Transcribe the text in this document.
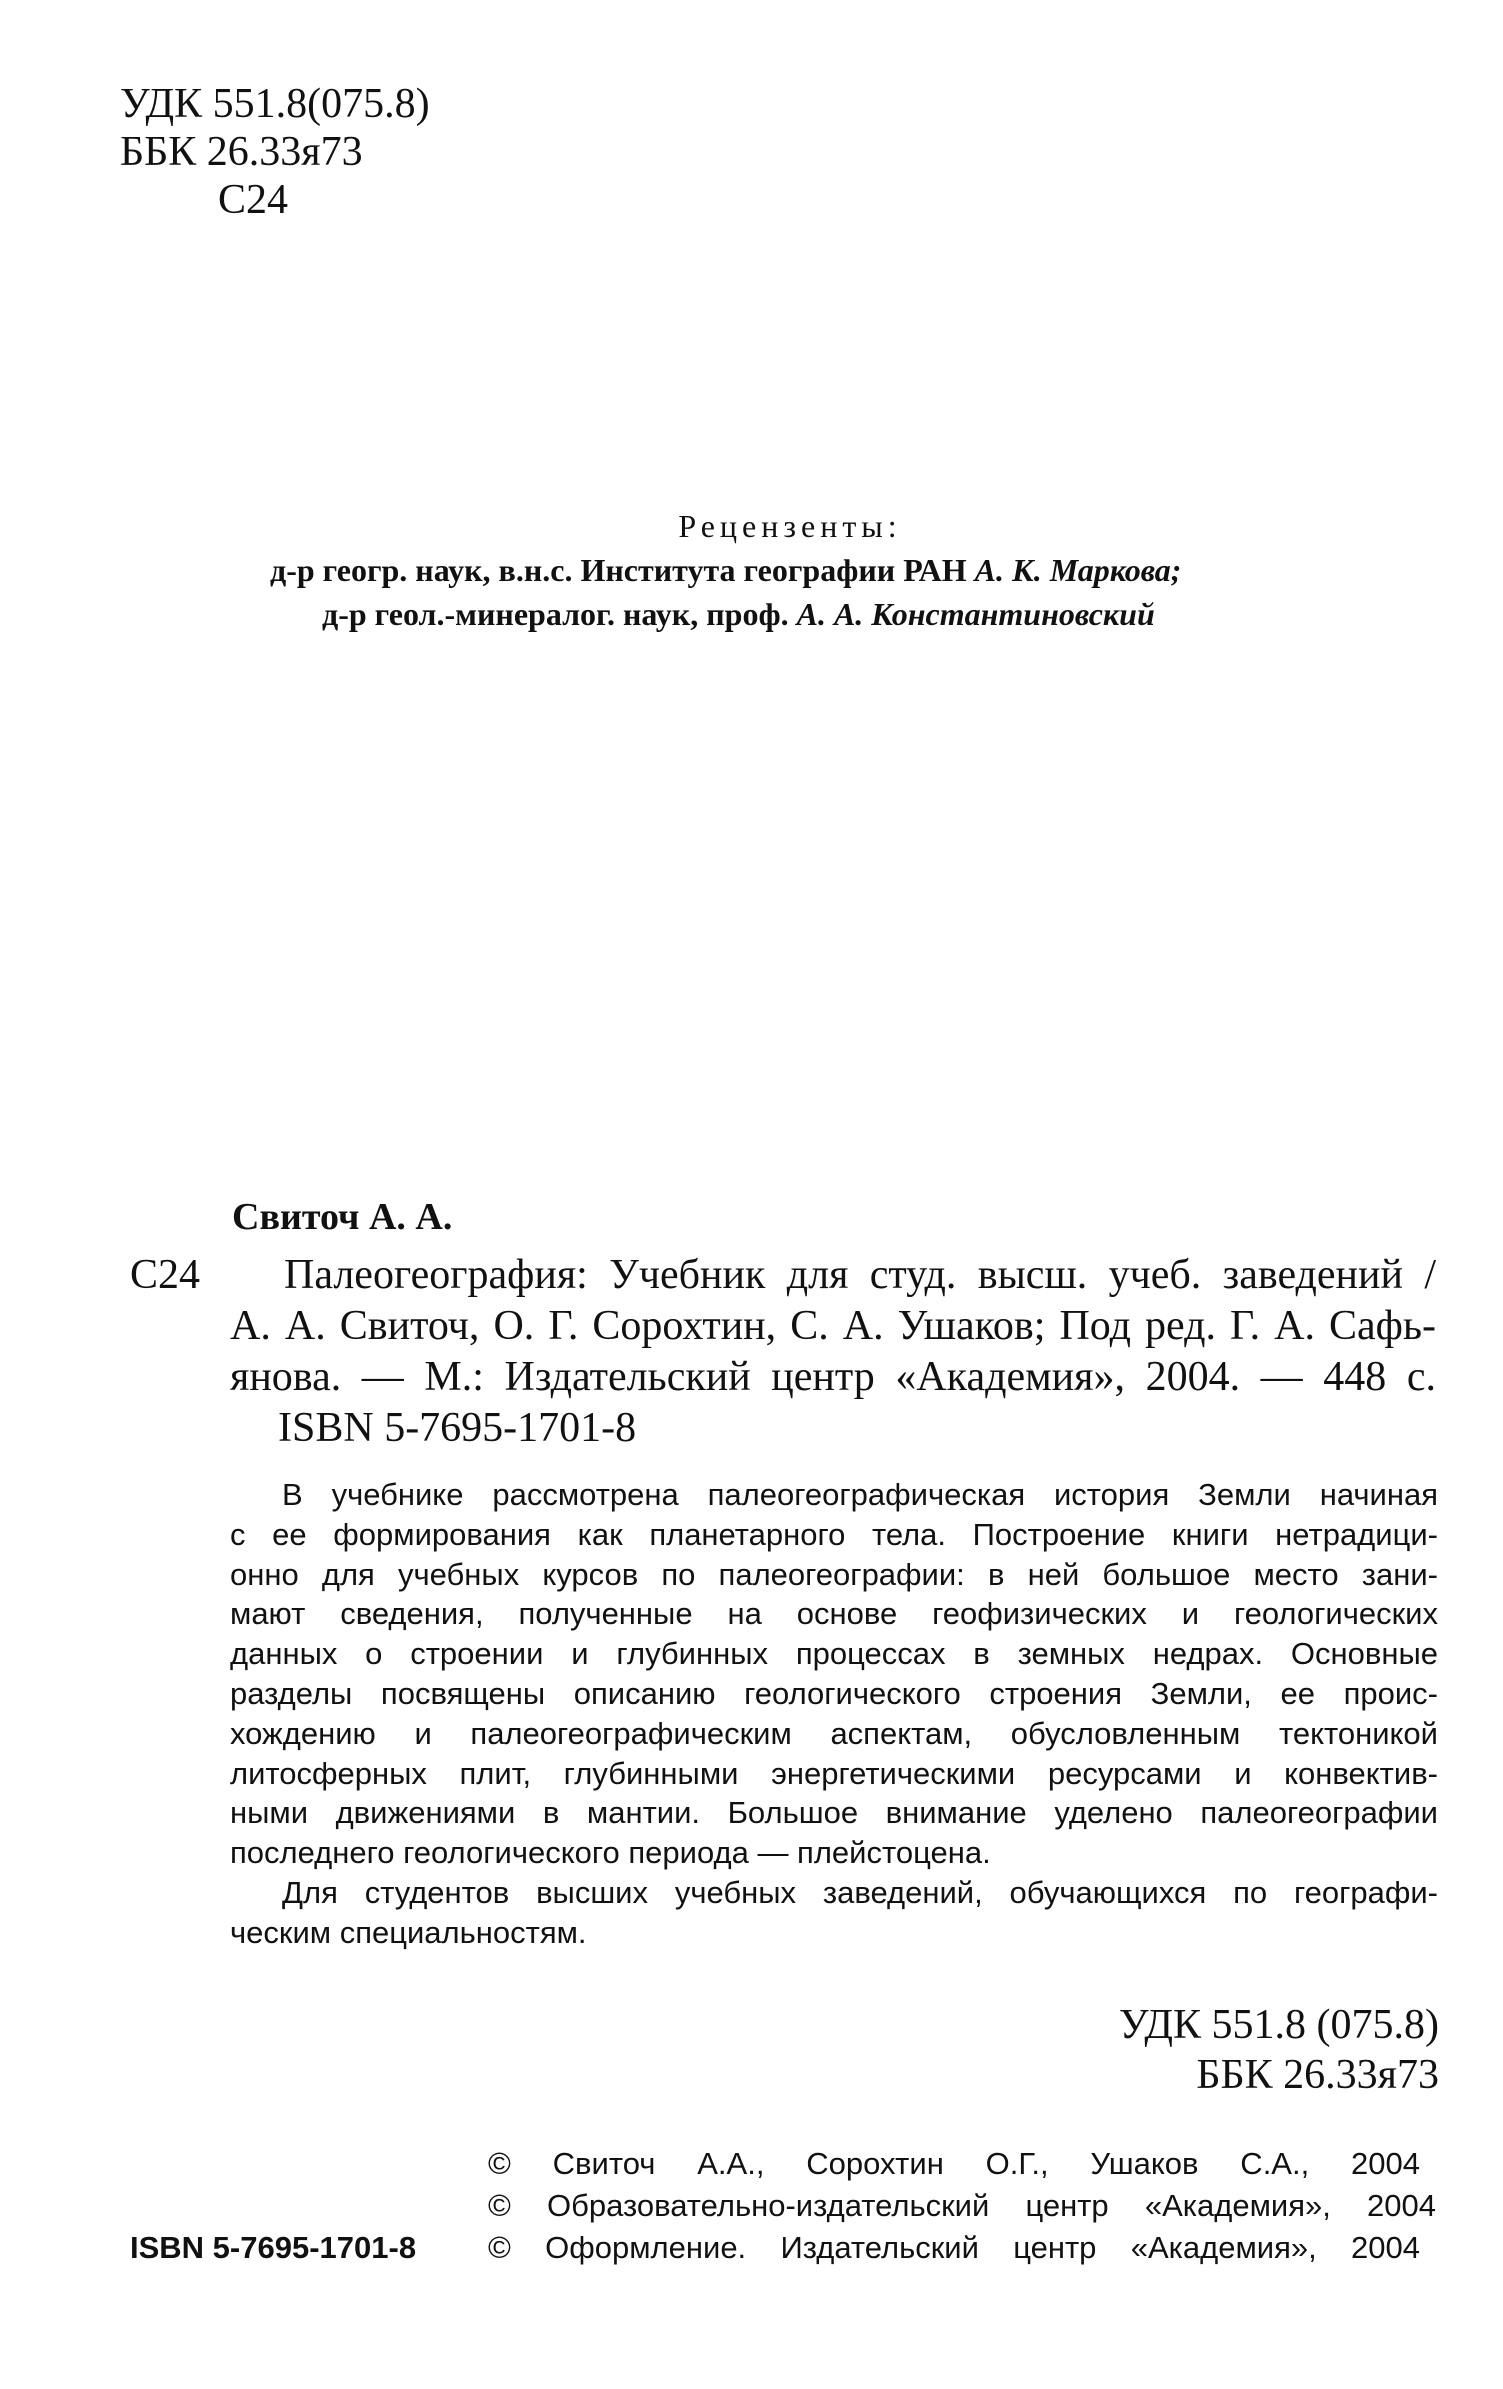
УДК 551.8(075.8)
ББК 26.33я73
С24
Рецензенты:
д-р геогр. наук, в.н.с. Института географии РАН А. К. Маркова;
д-р геол.-минералог. наук, проф. А. А. Константиновский
Свиточ А. А.
С24 Палеогеография: Учебник для студ. высш. учеб. заведений /
А. А. Свиточ, О. Г. Сорохтин, С. А. Ушаков; Под ред. Г. А. Сафь-
янова. — М.: Издательский центр «Академия», 2004. — 448 с.
ISBN 5-7695-1701-8
В учебнике рассмотрена палеогеографическая история Земли начиная
с ее формирования как планетарного тела. Построение книги нетрадици-
онно для учебных курсов по палеогеографии: в ней большое место зани-
мают сведения, полученные на основе геофизических и геологических
данных о строении и глубинных процессах в земных недрах. Основные
разделы посвящены описанию геологического строения Земли, ее проис-
хождению и палеогеографическим аспектам, обусловленным тектоникой
литосферных плит, глубинными энергетическими ресурсами и конвектив-
ными движениями в мантии. Большое внимание уделено палеогеографии
последнего геологического периода — плейстоцена.
Для студентов высших учебных заведений, обучающихся по географи-
ческим специальностям.
УДК 551.8 (075.8)
ББК 26.33я73
© Свиточ А.А., Сорохтин О.Г., Ушаков С.А., 2004
© Образовательно-издательский центр «Академия», 2004
ISBN 5-7695-1701-8 © Оформление. Издательский центр «Академия», 2004
